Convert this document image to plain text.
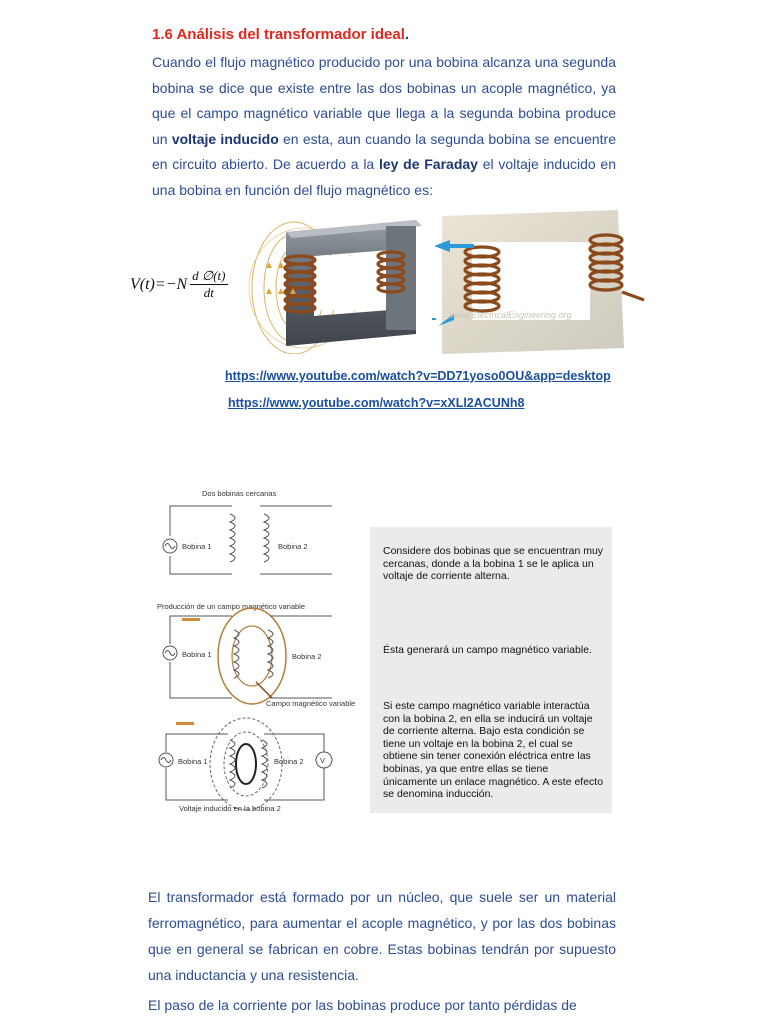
1.6 Análisis del transformador ideal.
Cuando el flujo magnético producido por una bobina alcanza una segunda bobina se dice que existe entre las dos bobinas un acople magnético, ya que el campo magnético variable que llega a la segunda bobina produce un voltaje inducido en esta, aun cuando la segunda bobina se encuentre en circuito abierto. De acuerdo a la ley de Faraday el voltaje inducido en una bobina en función del flujo magnético es:
$V(t)=-N \frac{d \emptyset(t)}{dt}$
www.ElectricalEngineering.org
https://www.youtube.com/watch?v=DD71yoso0OU&app=desktop
https://www.youtube.com/watch?v=xXLl2ACUNh8
Dos bobinas cercanas
Bobina 1	Bobina 2
Producción de un campo magnético variable
Bobina 1	Bobina 2
Campo magnético variable
V
Bobina 1	Bobina 2
Voltaje inducido en la bobina 2
Considere dos bobinas que se encuentran muy cercanas, donde a la bobina 1 se le aplica un voltaje de corriente alterna.
Ésta generará un campo magnético variable.
Si este campo magnético variable interactúa con la bobina 2, en ella se inducirá un voltaje de corriente alterna. Bajo esta condición se tiene un voltaje en la bobina 2, el cual se obtiene sin tener conexión eléctrica entre las bobinas, ya que entre ellas se tiene únicamente un enlace magnético. A este efecto se denomina inducción.
El transformador está formado por un núcleo, que suele ser un material ferromagnético, para aumentar el acople magnético, y por las dos bobinas que en general se fabrican en cobre. Estas bobinas tendrán por supuesto una inductancia y una resistencia.
El paso de la corriente por las bobinas produce por tanto pérdidas de
